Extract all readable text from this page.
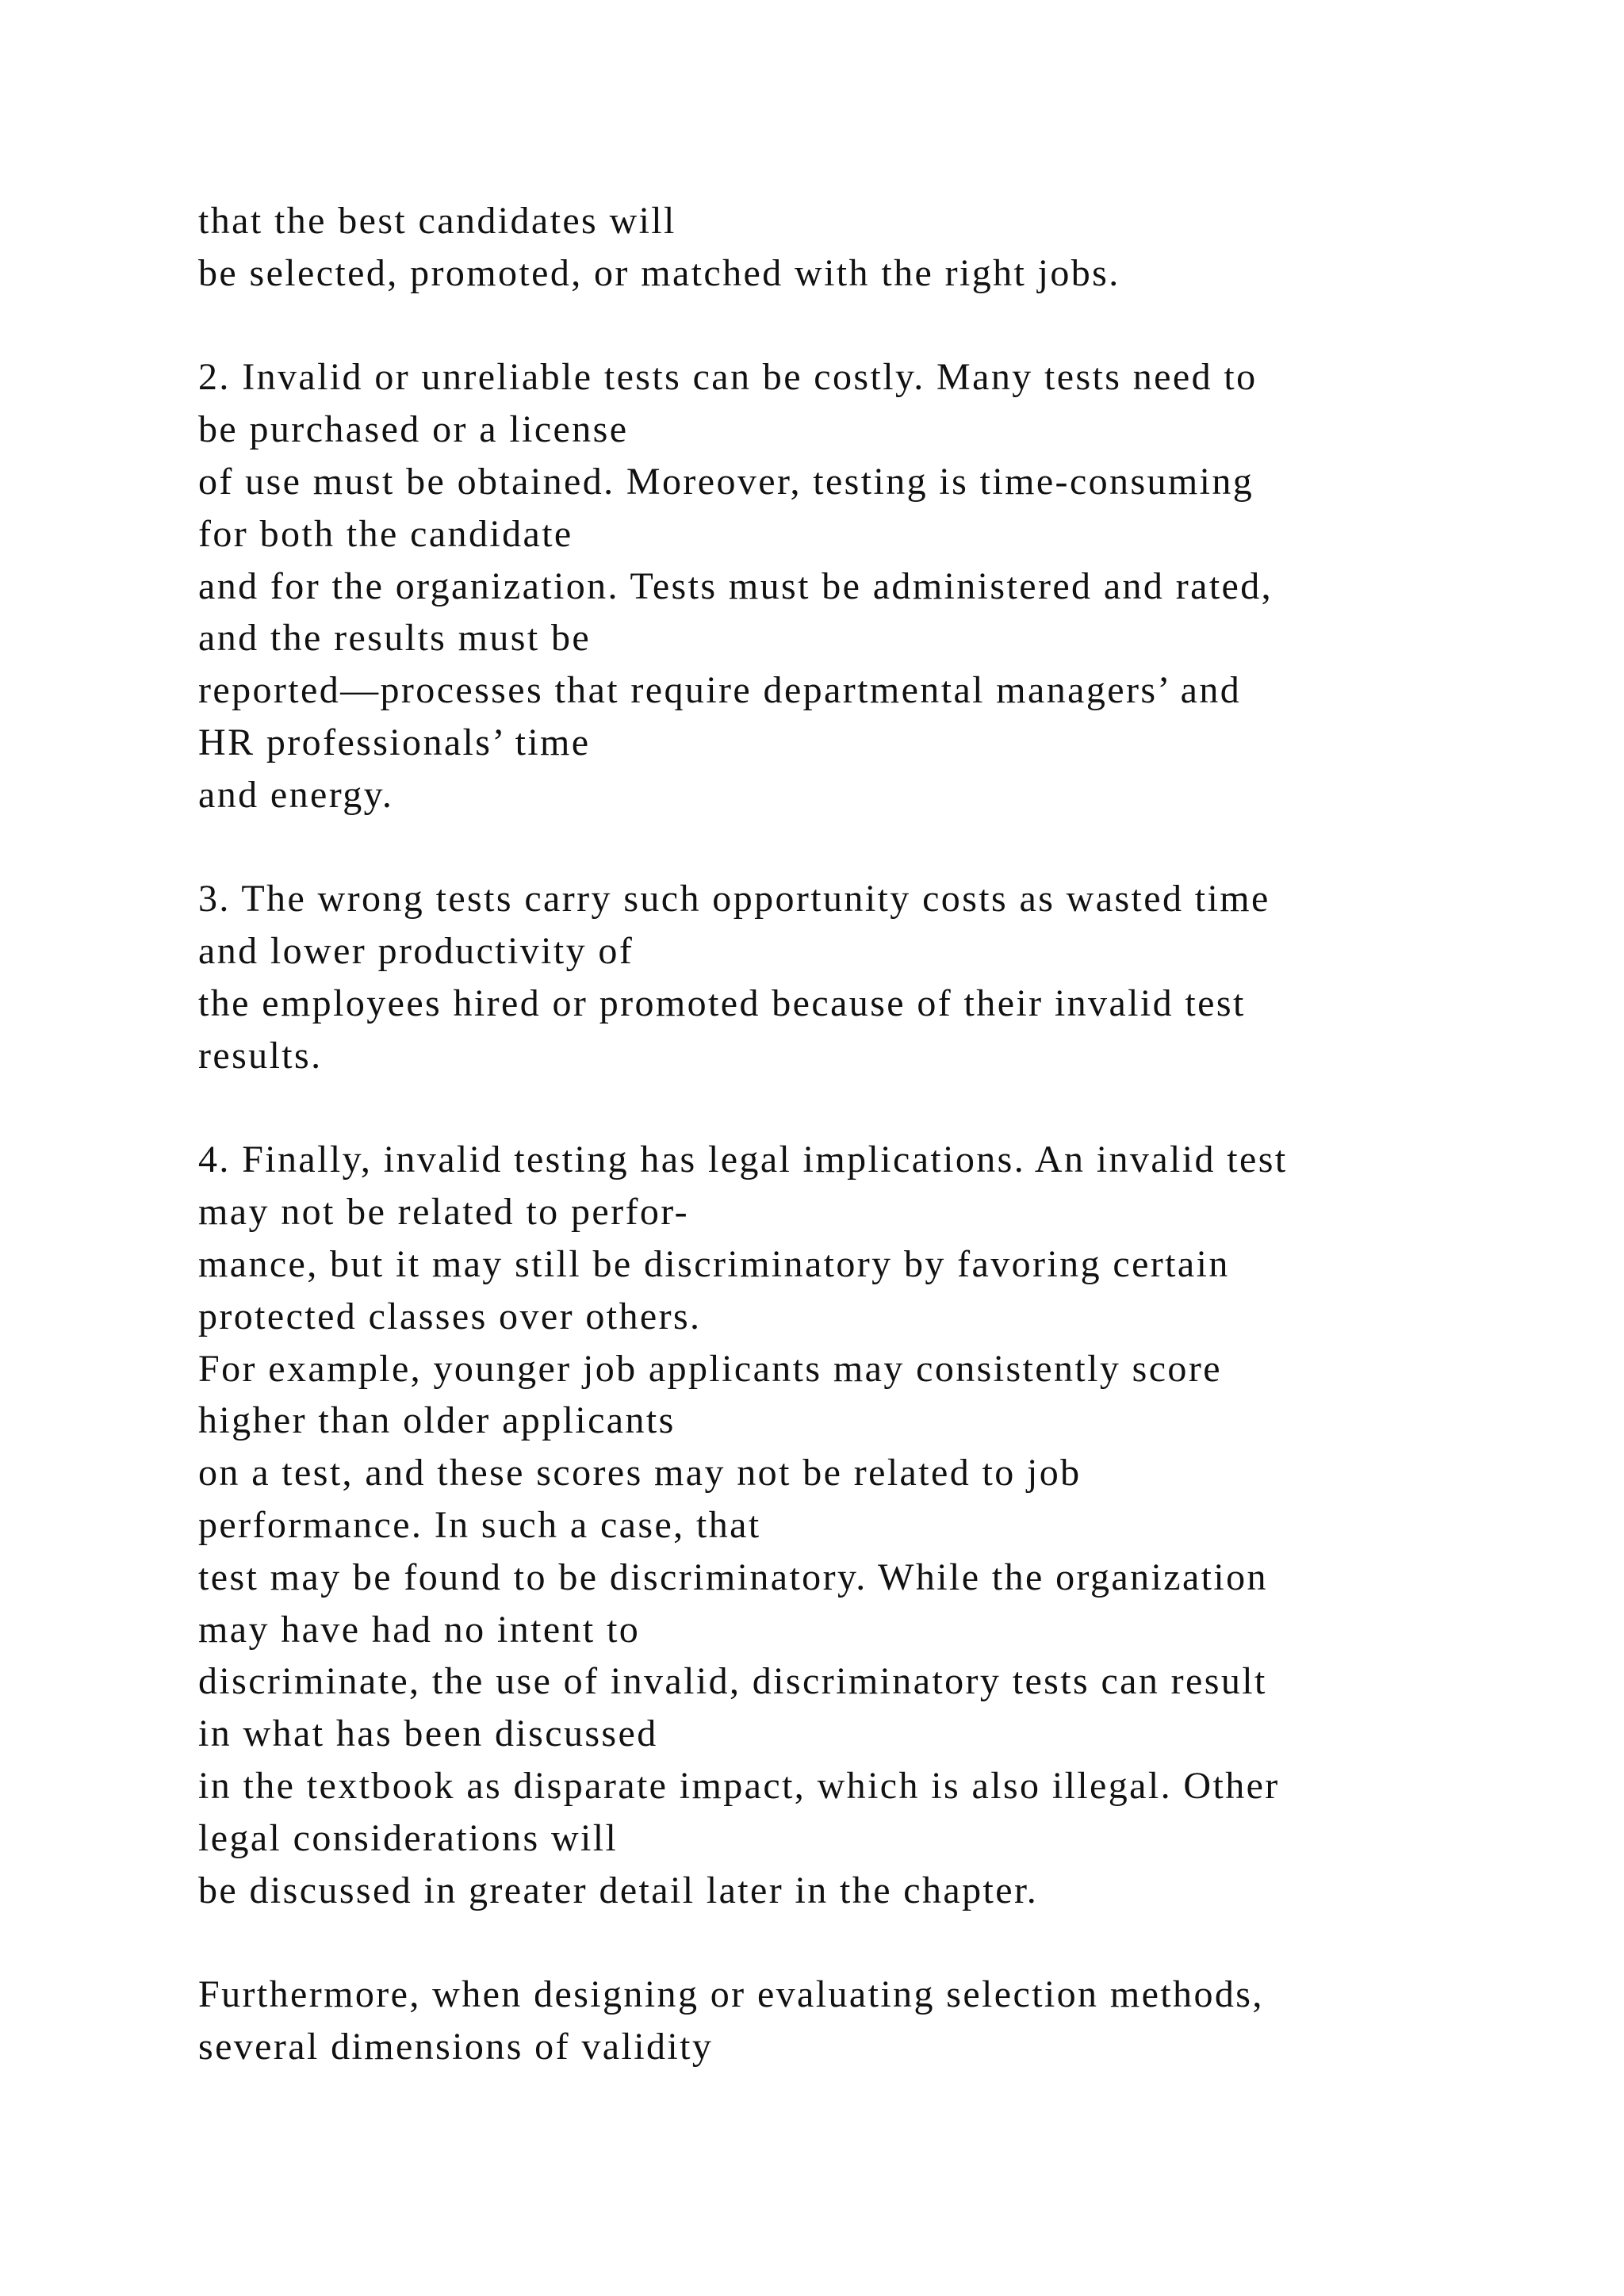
that the best candidates will
be selected, promoted, or matched with the right jobs.
2. Invalid or unreliable tests can be costly. Many tests need to
be purchased or a license
of use must be obtained. Moreover, testing is time-consuming
for both the candidate
and for the organization. Tests must be administered and rated,
and the results must be
reported—processes that require departmental managers’ and
HR professionals’ time
and energy.
3. The wrong tests carry such opportunity costs as wasted time
and lower productivity of
the employees hired or promoted because of their invalid test
results.
4. Finally, invalid testing has legal implications. An invalid test
may not be related to perfor-
mance, but it may still be discriminatory by favoring certain
protected classes over others.
For example, younger job applicants may consistently score
higher than older applicants
on a test, and these scores may not be related to job
performance. In such a case, that
test may be found to be discriminatory. While the organization
may have had no intent to
discriminate, the use of invalid, discriminatory tests can result
in what has been discussed
in the textbook as disparate impact, which is also illegal. Other
legal considerations will
be discussed in greater detail later in the chapter.
Furthermore, when designing or evaluating selection methods,
several dimensions of validity
